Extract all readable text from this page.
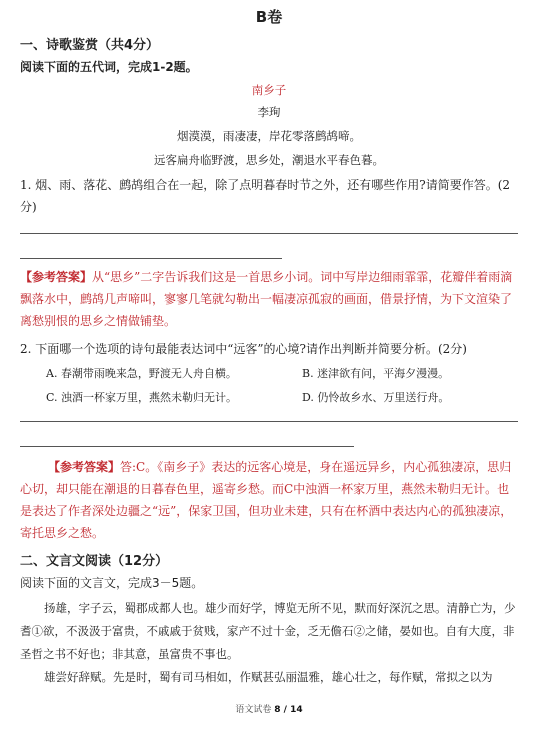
B卷
一、诗歌鉴赏（共4分）
阅读下面的五代词，完成1-2题。
南乡子
李珣
烟漠漠，雨凄凄，岸花零落鹧鸪啼。
远客扁舟临野渡，思乡处，潮退水平春色暮。
1. 烟、雨、落花、鹧鸪组合在一起，除了点明暮春时节之外，还有哪些作用?请简要作答。(2分)
【参考答案】从“思乡”二字告诉我们这是一首思乡小词。词中写岸边细雨霏霏，花瓣伴着雨滴飘落水中，鹧鸪几声啼叫，寥寥几笔就勾勒出一幅凄凉孤寂的画面，借景抒情，为下文渲染了离愁别恨的思乡之情做铺垫。
2. 下面哪一个选项的诗句最能表达词中“远客”的心境?请作出判断并简要分析。(2分)
A. 春潮带雨晚来急，野渡无人舟自横。	B. 迷津欲有问，平海夕漫漫。
C. 浊酒一杯家万里，燕然未勒归无计。	D. 仍怜故乡水、万里送行舟。
【参考答案】答:C。《南乡子》表达的远客心境是，身在遥远异乡，内心孤独凄凉，思归心切，却只能在潮退的日暮春色里，遥寄乡愁。而C中浊酒一杯家万里，燕然未勒归无计。也是表达了作者深处边疆之“远”，保家卫国，但功业未建，只有在杯酒中表达内心的孤独凄凉，寄托思乡之愁。
二、文言文阅读（12分）
阅读下面的文言文，完成3－5题。
扬雄，字子云，蜀郡成都人也。雄少而好学，博览无所不见，默而好深沉之思。清静亡为，少耆①欲，不汲汲于富贵，不戚戚于贫贱，家产不过十金，乏无儋石②之储，晏如也。自有大度，非圣哲之书不好也；非其意，虽富贵不事也。
雄尝好辞赋。先是时，蜀有司马相如，作赋甚弘丽温雅，雄心壮之，每作赋，常拟之以为
语文试卷 8 / 14
